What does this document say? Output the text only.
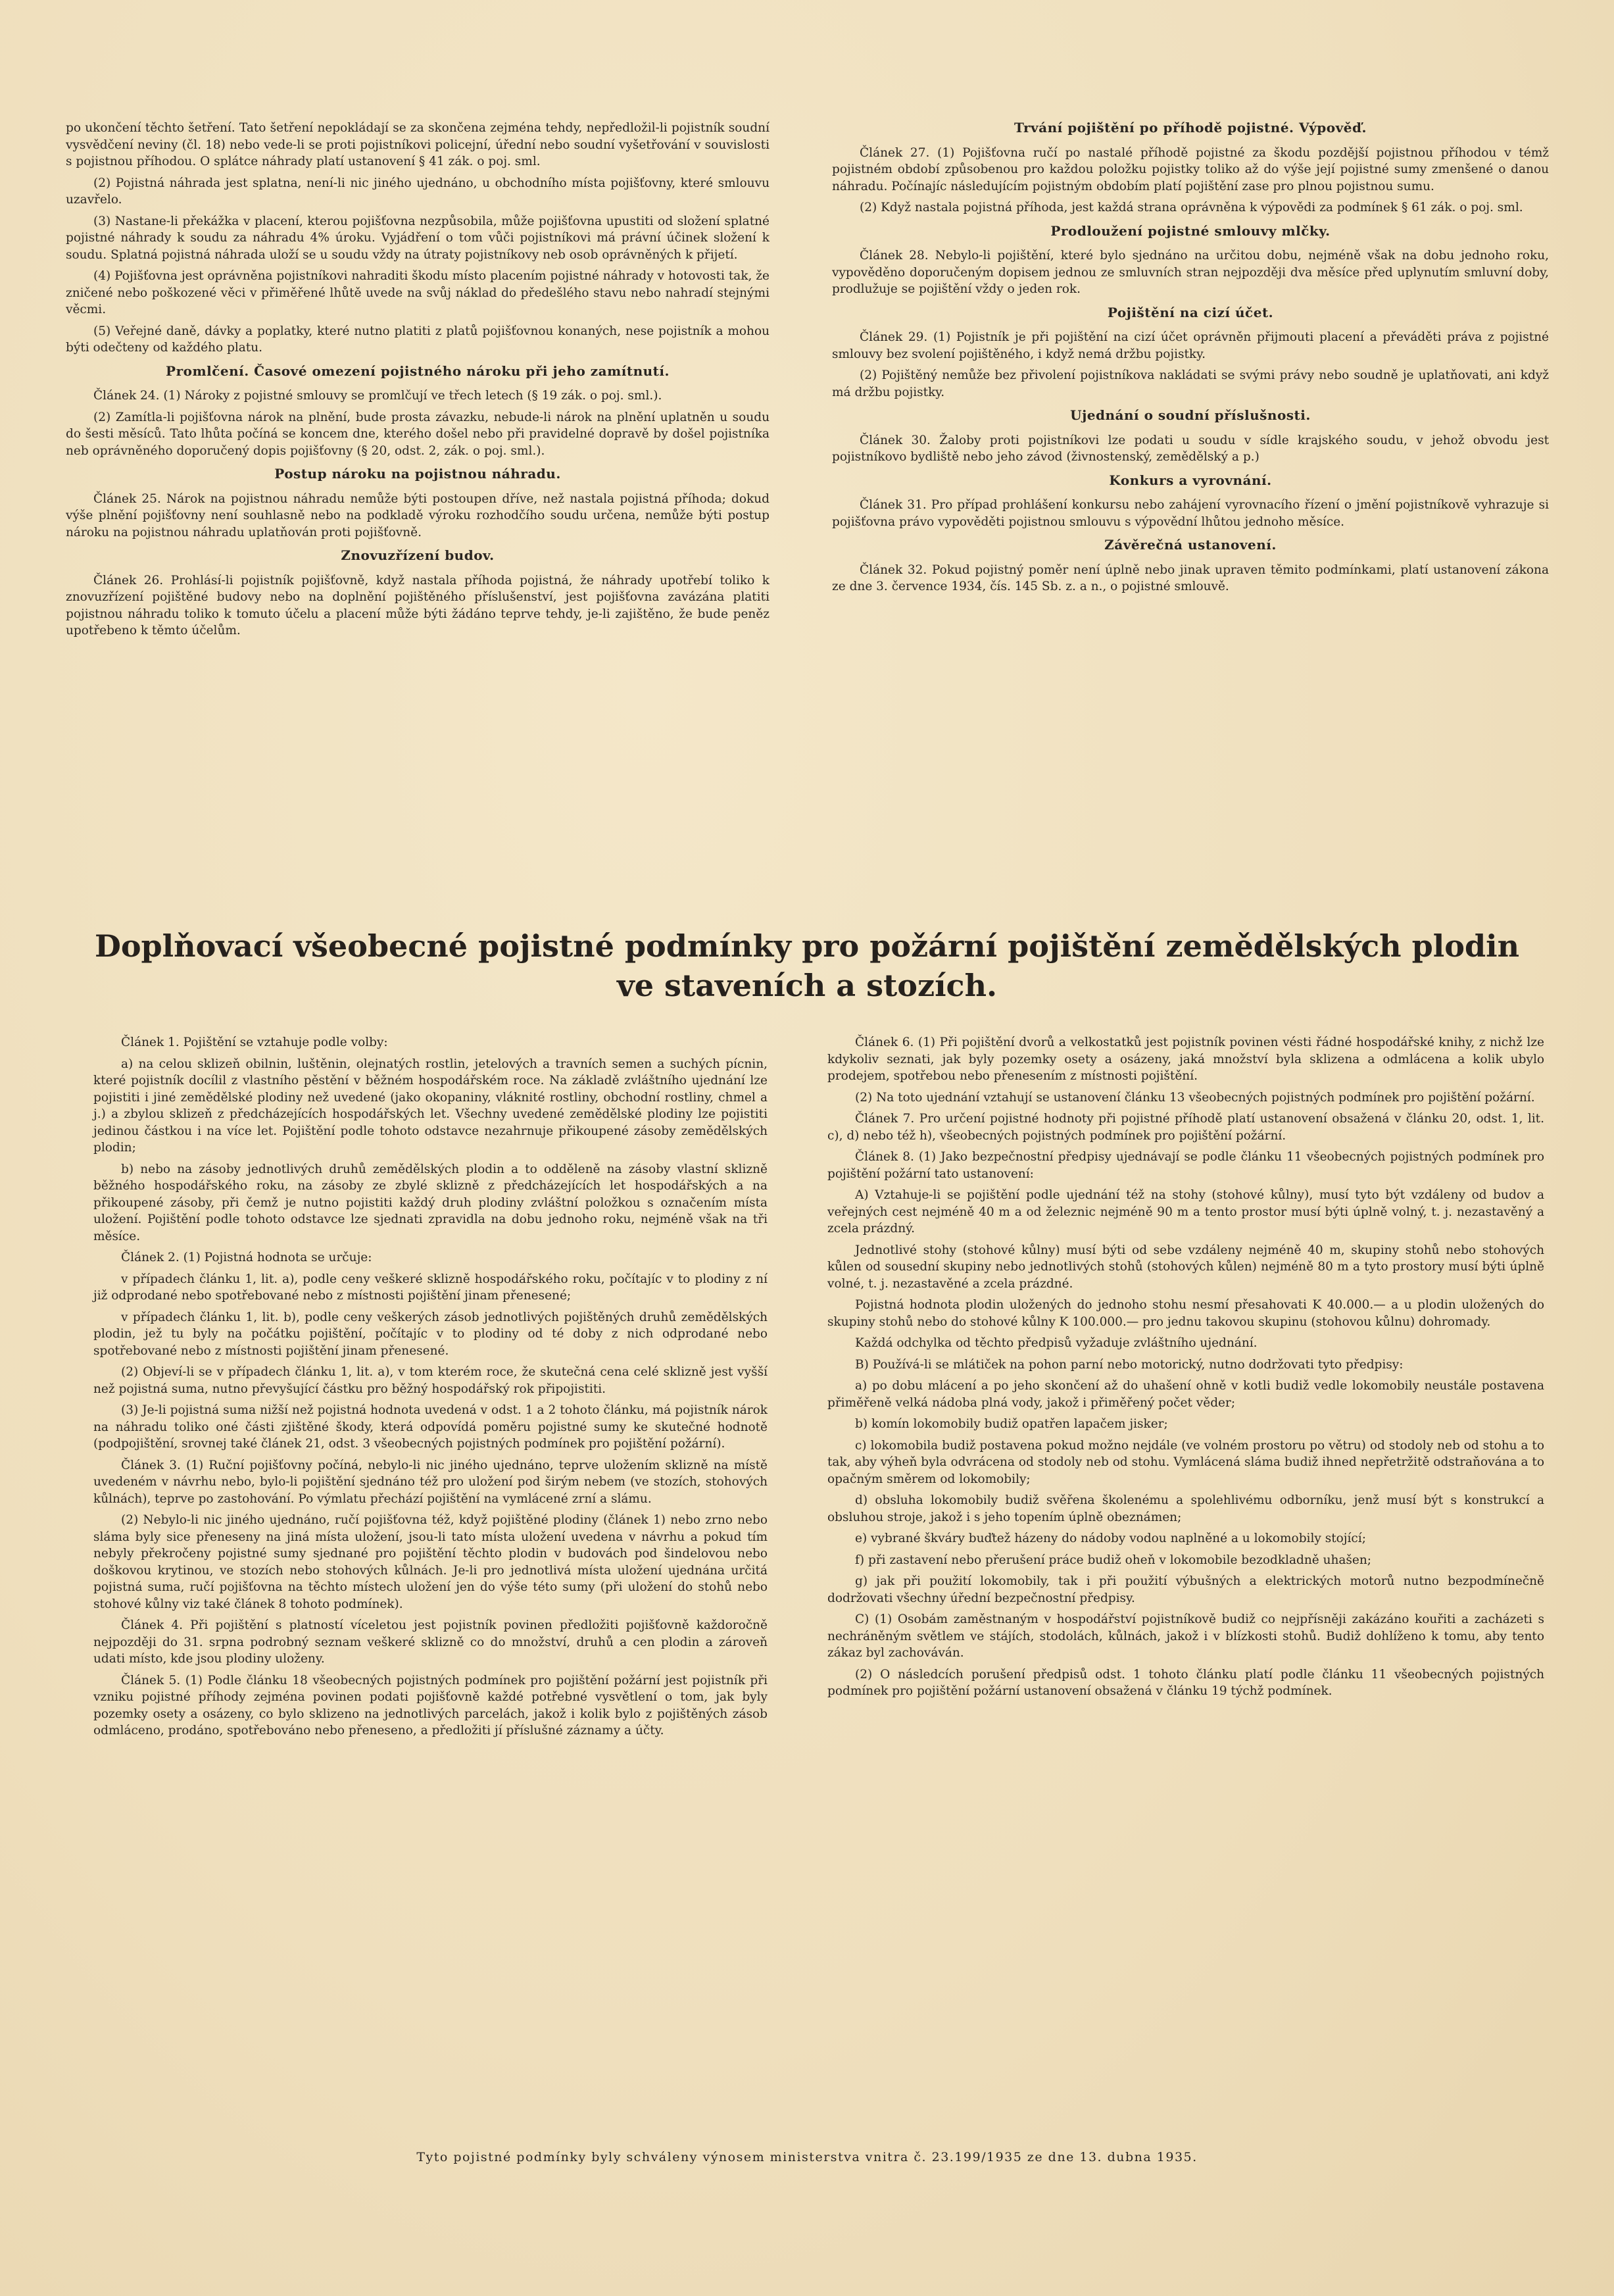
po ukončení těchto šetření. Tato šetření nepokládají se za skončena zejména tehdy, nepředložil-li pojistník soudní vysvědčení neviny (čl. 18) nebo vede-li se proti pojistníkovi policejní, úřední nebo soudní vyšetřování v souvislosti s pojistnou příhodou. O splátce náhrady platí ustanovení § 41 zák. o poj. sml.

(2) Pojistná náhrada jest splatna, není-li nic jiného ujednáno, u obchodního místa pojišťovny, které smlouvu uzavřelo.

(3) Nastane-li překážka v placení, kterou pojišťovna nezpůsobila, může pojišťovna upustiti od složení splatné pojistné náhrady k soudu za náhradu 4% úroku. Vyjádření o tom vůči pojistníkovi má právní účinek složení k soudu. Splatná pojistná náhrada uloží se u soudu vždy na útraty pojistníkovy neb osob oprávněných k přijetí.

(4) Pojišťovna jest oprávněna pojistníkovi nahraditi škodu místo placením pojistné náhrady v hotovosti tak, že zničené nebo poškozené věci v přiměřené lhůtě uvede na svůj náklad do předešlého stavu nebo nahradí stejnými věcmi.

(5) Veřejné daně, dávky a poplatky, které nutno platiti z platů pojišťovnou konaných, nese pojistník a mohou býti odečteny od každého platu.

Promlčení. Časové omezení pojistného nároku při jeho zamítnutí.

Článek 24. (1) Nároky z pojistné smlouvy se promlčují ve třech letech (§ 19 zák. o poj. sml.).

(2) Zamítla-li pojišťovna nárok na plnění, bude prosta závazku, nebude-li nárok na plnění uplatněn u soudu do šesti měsíců. Tato lhůta počíná se koncem dne, kterého došel nebo při pravidelné dopravě by došel pojistníka neb oprávněného doporučený dopis pojišťovny (§ 20, odst. 2, zák. o poj. sml.).

Postup nároku na pojistnou náhradu.

Článek 25. Nárok na pojistnou náhradu nemůže býti postoupen dříve, než nastala pojistná příhoda; dokud výše plnění pojišťovny není souhlasně nebo na podkladě výroku rozhodčího soudu určena, nemůže býti postup nároku na pojistnou náhradu uplatňován proti pojišťovně.

Znovuzřízení budov.

Článek 26. Prohlásí-li pojistník pojišťovně, když nastala příhoda pojistná, že náhrady upotřebí toliko k znovuzřízení pojištěné budovy nebo na doplnění pojištěného příslušenství, jest pojišťovna zavázána platiti pojistnou náhradu toliko k tomuto účelu a placení může býti žádáno teprve tehdy, je-li zajištěno, že bude peněz upotřebeno k těmto účelům.

Trvání pojištění po příhodě pojistné. Výpověď.

Článek 27. (1) Pojišťovna ručí po nastalé příhodě pojistné za škodu pozdější pojistnou příhodou v témž pojistném období způsobenou pro každou položku pojistky toliko až do výše její pojistné sumy zmenšené o danou náhradu. Počínajíc následujícím pojistným obdobím platí pojištění zase pro plnou pojistnou sumu.

(2) Když nastala pojistná příhoda, jest každá strana oprávněna k výpovědi za podmínek § 61 zák. o poj. sml.

Prodloužení pojistné smlouvy mlčky.

Článek 28. Nebylo-li pojištění, které bylo sjednáno na určitou dobu, nejméně však na dobu jednoho roku, vypověděno doporučeným dopisem jednou ze smluvních stran nejpozději dva měsíce před uplynutím smluvní doby, prodlužuje se pojištění vždy o jeden rok.

Pojištění na cizí účet.

Článek 29. (1) Pojistník je při pojištění na cizí účet oprávněn přijmouti placení a převáděti práva z pojistné smlouvy bez svolení pojištěného, i když nemá držbu pojistky.

(2) Pojištěný nemůže bez přivolení pojistníkova nakládati se svými právy nebo soudně je uplatňovati, ani když má držbu pojistky.

Ujednání o soudní příslušnosti.

Článek 30. Žaloby proti pojistníkovi lze podati u soudu v sídle krajského soudu, v jehož obvodu jest pojistníkovo bydliště nebo jeho závod (živnostenský, zemědělský a p.)

Konkurs a vyrovnání.

Článek 31. Pro případ prohlášení konkursu nebo zahájení vyrovnacího řízení o jmění pojistníkově vyhrazuje si pojišťovna právo vypověděti pojistnou smlouvu s výpovědní lhůtou jednoho měsíce.

Závěrečná ustanovení.

Článek 32. Pokud pojistný poměr není úplně nebo jinak upraven těmito podmínkami, platí ustanovení zákona ze dne 3. července 1934, čís. 145 Sb. z. a n., o pojistné smlouvě.

Doplňovací všeobecné pojistné podmínky pro požární pojištění zemědělských plodin
ve staveních a stozích.

Článek 1. Pojištění se vztahuje podle volby:

a) na celou sklizeň obilnin, luštěnin, olejnatých rostlin, jetelových a travních semen a suchých pícnin, které pojistník docílil z vlastního pěstění v běžném hospodářském roce. Na základě zvláštního ujednání lze pojistiti i jiné zemědělské plodiny než uvedené (jako okopaniny, vláknité rostliny, obchodní rostliny, chmel a j.) a zbylou sklizeň z předcházejících hospodářských let. Všechny uvedené zemědělské plodiny lze pojistiti jedinou částkou i na více let. Pojištění podle tohoto odstavce nezahrnuje přikoupené zásoby zemědělských plodin;

b) nebo na zásoby jednotlivých druhů zemědělských plodin a to odděleně na zásoby vlastní sklizně běžného hospodářského roku, na zásoby ze zbylé sklizně z předcházejících let hospodářských a na přikoupené zásoby, při čemž je nutno pojistiti každý druh plodiny zvláštní položkou s označením místa uložení. Pojištění podle tohoto odstavce lze sjednati zpravidla na dobu jednoho roku, nejméně však na tři měsíce.

Článek 2. (1) Pojistná hodnota se určuje:

v případech článku 1, lit. a), podle ceny veškeré sklizně hospodářského roku, počítajíc v to plodiny z ní již odprodané nebo spotřebované nebo z místnosti pojištění jinam přenesené;

v případech článku 1, lit. b), podle ceny veškerých zásob jednotlivých pojištěných druhů zemědělských plodin, jež tu byly na počátku pojištění, počítajíc v to plodiny od té doby z nich odprodané nebo spotřebované nebo z místnosti pojištění jinam přenesené.

(2) Objeví-li se v případech článku 1, lit. a), v tom kterém roce, že skutečná cena celé sklizně jest vyšší než pojistná suma, nutno převyšující částku pro běžný hospodářský rok připojistiti.

(3) Je-li pojistná suma nižší než pojistná hodnota uvedená v odst. 1 a 2 tohoto článku, má pojistník nárok na náhradu toliko oné části zjištěné škody, která odpovídá poměru pojistné sumy ke skutečné hodnotě (podpojištění, srovnej také článek 21, odst. 3 všeobecných pojistných podmínek pro pojištění požární).

Článek 3. (1) Ruční pojišťovny počíná, nebylo-li nic jiného ujednáno, teprve uložením sklizně na místě uvedeném v návrhu nebo, bylo-li pojištění sjednáno též pro uložení pod širým nebem (ve stozích, stohových kůlnách), teprve po zastohování. Po výmlatu přechází pojištění na vymlácené zrní a slámu.

(2) Nebylo-li nic jiného ujednáno, ručí pojišťovna též, když pojištěné plodiny (článek 1) nebo zrno nebo sláma byly sice přeneseny na jiná místa uložení, jsou-li tato místa uložení uvedena v návrhu a pokud tím nebyly překročeny pojistné sumy sjednané pro pojištění těchto plodin v budovách pod šindelovou nebo doškovou krytinou, ve stozích nebo stohových kůlnách. Je-li pro jednotlivá místa uložení ujednána určitá pojistná suma, ručí pojišťovna na těchto místech uložení jen do výše této sumy (při uložení do stohů nebo stohové kůlny viz také článek 8 tohoto podmínek).

Článek 4. Při pojištění s platností víceletou jest pojistník povinen předložiti pojišťovně každoročně nejpozději do 31. srpna podrobný seznam veškeré sklizně co do množství, druhů a cen plodin a zároveň udati místo, kde jsou plodiny uloženy.

Článek 5. (1) Podle článku 18 všeobecných pojistných podmínek pro pojištění požární jest pojistník při vzniku pojistné příhody zejména povinen podati pojišťovně každé potřebné vysvětlení o tom, jak byly pozemky osety a osázeny, co bylo sklizeno na jednotlivých parcelách, jakož i kolik bylo z pojištěných zásob odmláceno, prodáno, spotřebováno nebo přeneseno, a předložiti jí příslušné záznamy a účty.

Článek 6. (1) Při pojištění dvorů a velkostatků jest pojistník povinen vésti řádné hospodářské knihy, z nichž lze kdykoliv seznati, jak byly pozemky osety a osázeny, jaká množství byla sklizena a odmlácena a kolik ubylo prodejem, spotřebou nebo přenesením z místnosti pojištění.

(2) Na toto ujednání vztahují se ustanovení článku 13 všeobecných pojistných podmínek pro pojištění požární.

Článek 7. Pro určení pojistné hodnoty při pojistné příhodě platí ustanovení obsažená v článku 20, odst. 1, lit. c), d) nebo též h), všeobecných pojistných podmínek pro pojištění požární.

Článek 8. (1) Jako bezpečnostní předpisy ujednávají se podle článku 11 všeobecných pojistných podmínek pro pojištění požární tato ustanovení:

A) Vztahuje-li se pojištění podle ujednání též na stohy (stohové kůlny), musí tyto být vzdáleny od budov a veřejných cest nejméně 40 m a od železnic nejméně 90 m a tento prostor musí býti úplně volný, t. j. nezastavěný a zcela prázdný.

Jednotlivé stohy (stohové kůlny) musí býti od sebe vzdáleny nejméně 40 m, skupiny stohů nebo stohových kůlen od sousední skupiny nebo jednotlivých stohů (stohových kůlen) nejméně 80 m a tyto prostory musí býti úplně volné, t. j. nezastavěné a zcela prázdné.

Pojistná hodnota plodin uložených do jednoho stohu nesmí přesahovati K 40.000.— a u plodin uložených do skupiny stohů nebo do stohové kůlny K 100.000.— pro jednu takovou skupinu (stohovou kůlnu) dohromady.

Každá odchylka od těchto předpisů vyžaduje zvláštního ujednání.

B) Používá-li se mlátiček na pohon parní nebo motorický, nutno dodržovati tyto předpisy:

a) po dobu mlácení a po jeho skončení až do uhašení ohně v kotli budiž vedle lokomobily neustále postavena přiměřeně velká nádoba plná vody, jakož i přiměřený počet věder;

b) komín lokomobily budiž opatřen lapačem jisker;

c) lokomobila budiž postavena pokud možno nejdále (ve volném prostoru po větru) od stodoly neb od stohu a to tak, aby výheň byla odvrácena od stodoly neb od stohu. Vymlácená sláma budiž ihned nepřetržitě odstraňována a to opačným směrem od lokomobily;

d) obsluha lokomobily budiž svěřena školenému a spolehlivému odborníku, jenž musí být s konstrukcí a obsluhou stroje, jakož i s jeho topením úplně obeznámen;

e) vybrané škváry buďtež házeny do nádoby vodou naplněné a u lokomobily stojící;

f) při zastavení nebo přerušení práce budiž oheň v lokomobile bezodkladně uhašen;

g) jak při použití lokomobily, tak i při použití výbušných a elektrických motorů nutno bezpodmínečně dodržovati všechny úřední bezpečnostní předpisy.

C) (1) Osobám zaměstnaným v hospodářství pojistníkově budiž co nejpřísněji zakázáno kouřiti a zacházeti s nechráněným světlem ve stájích, stodolách, kůlnách, jakož i v blízkosti stohů. Budiž dohlíženo k tomu, aby tento zákaz byl zachováván.

(2) O následcích porušení předpisů odst. 1 tohoto článku platí podle článku 11 všeobecných pojistných podmínek pro pojištění požární ustanovení obsažená v článku 19 týchž podmínek.

Tyto pojistné podmínky byly schváleny výnosem ministerstva vnitra č. 23.199/1935 ze dne 13. dubna 1935.
